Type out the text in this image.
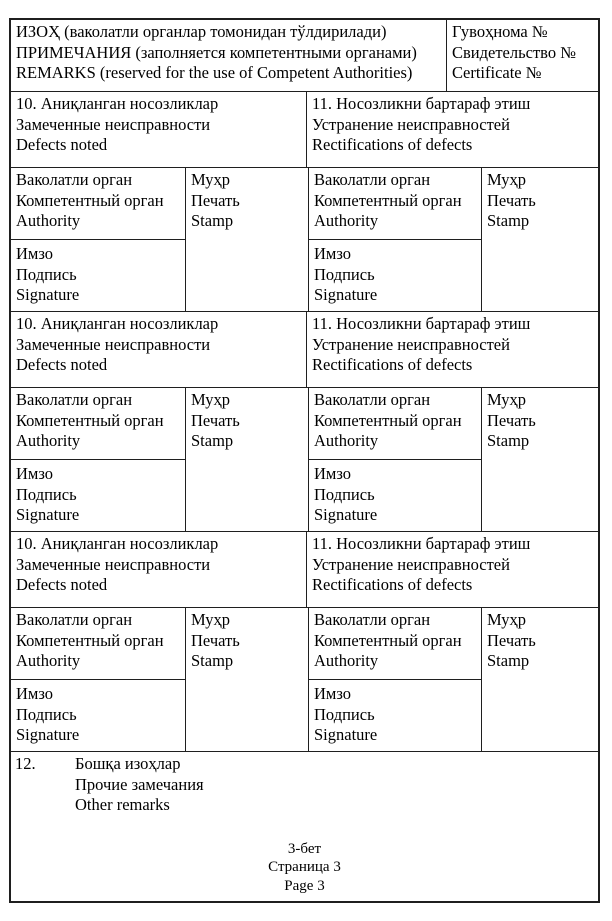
ИЗОҲ (ваколатли органлар томонидан тўлдирилади)
ПРИМЕЧАНИЯ (заполняется компетентными органами)
REMARKS (reserved for the use of Competent Authorities)
Гувоҳнома №
Свидетельство №
Certificate №
10. Аниқланган носозликлар
Замеченные неисправности
Defects noted
11. Носозликни бартараф этиш
Устранение неисправностей
Rectifications of defects
Ваколатли орган
Компетентный орган
Authority
Муҳр
Печать
Stamp
Ваколатли орган
Компетентный орган
Authority
Муҳр
Печать
Stamp
Имзо
Подпись
Signature
Имзо
Подпись
Signature
10. Аниқланган носозликлар
Замеченные неисправности
Defects noted
11. Носозликни бартараф этиш
Устранение неисправностей
Rectifications of defects
Ваколатли орган
Компетентный орган
Authority
Муҳр
Печать
Stamp
Ваколатли орган
Компетентный орган
Authority
Муҳр
Печать
Stamp
Имзо
Подпись
Signature
Имзо
Подпись
Signature
10. Аниқланган носозликлар
Замеченные неисправности
Defects noted
11. Носозликни бартараф этиш
Устранение неисправностей
Rectifications of defects
Ваколатли орган
Компетентный орган
Authority
Муҳр
Печать
Stamp
Ваколатли орган
Компетентный орган
Authority
Муҳр
Печать
Stamp
Имзо
Подпись
Signature
Имзо
Подпись
Signature
12.	Бошқа изоҳлар
Прочие замечания
Other remarks
3-бет
Страница 3
Page 3
